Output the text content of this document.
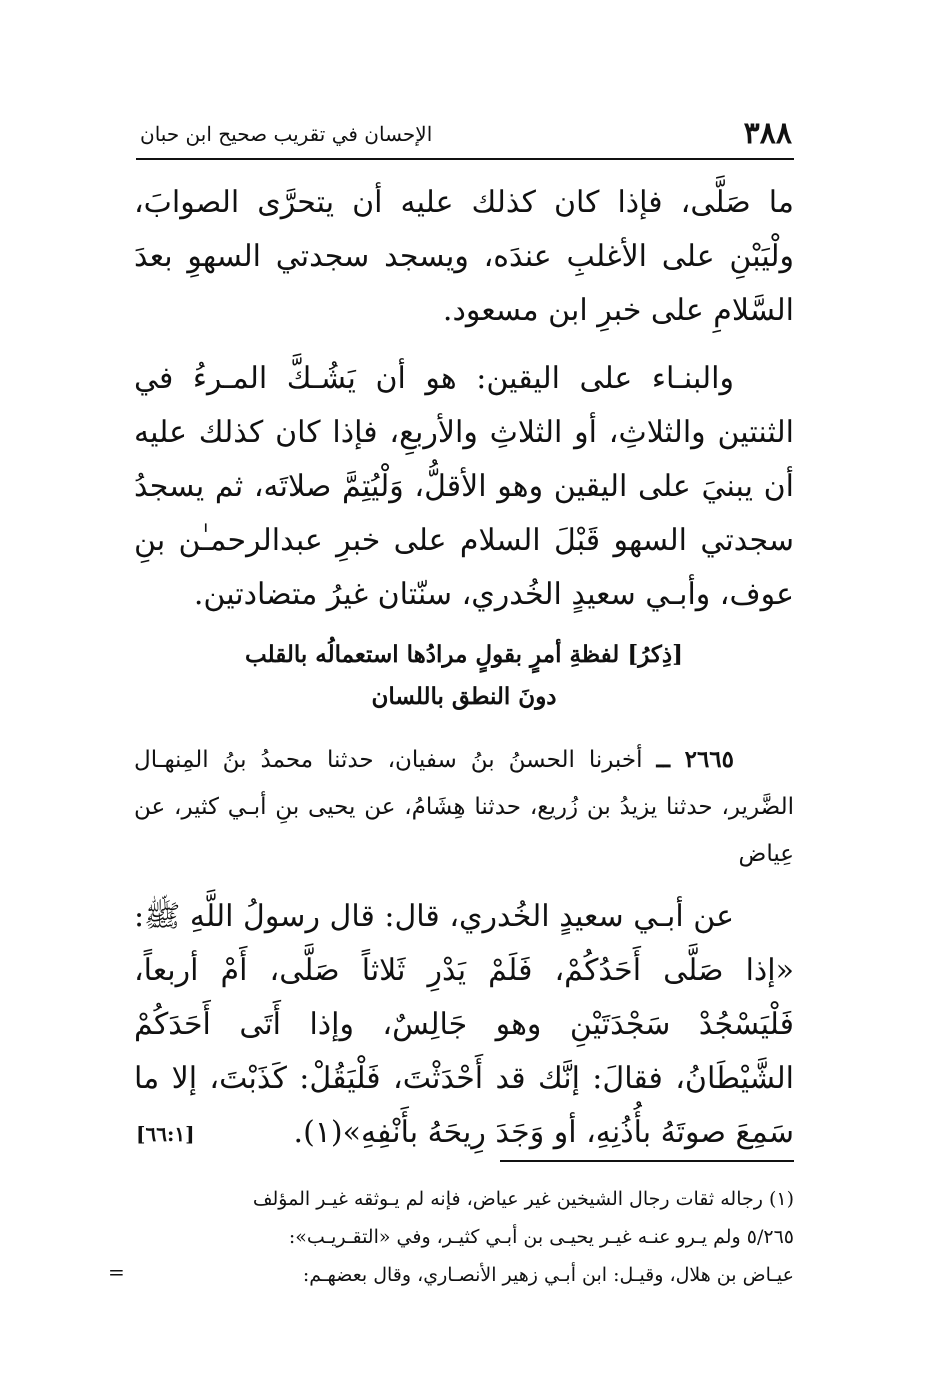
٣٨٨
الإحسان في تقريب صحيح ابن حبان
ما صَلَّى، فإذا كان كذلك عليه أن يتحرَّى الصوابَ، ولْيَبْنِ على الأغلبِ عندَه، ويسجد سجدتي السهوِ بعدَ السَّلامِ على خبرِ ابن مسعود.
والبنـاء على اليقين: هو أن يَشُـكَّ المـرءُ في الثنتين والثلاثِ، أو الثلاثِ والأربعِ، فإذا كان كذلك عليه أن يبنيَ على اليقين وهو الأقلُّ، وَلْيُتِمَّ صلاتَه، ثم يسجدُ سجدتي السهو قَبْلَ السلام على خبرِ عبدالرحمـٰن بنِ عوف، وأبـي سعيدٍ الخُدري، سنّتان غيرُ متضادتين.
[ذِكرُ] لفظةِ أمرٍ بقولٍ مرادُها استعمالُه بالقلب
دونَ النطق باللسان
٢٦٦٥ ــ أخبرنا الحسنُ بنُ سفيان، حدثنا محمدُ بنُ المِنهـال الضَّرير، حدثنا يزيدُ بن زُريع، حدثنا هِشَامُ، عن يحيى بنِ أبـي كثير، عن عِياض
عن أبـي سعيدٍ الخُدري، قال: قال رسولُ اللَّهِ ﷺ: «إذا صَلَّى أَحَدُكُمْ، فَلَمْ يَدْرِ ثَلاثاً صَلَّى، أَمْ أربعاً، فَلْيَسْجُدْ سَجْدَتَيْنِ وهو جَالِسٌ، وإذا أَتَى أَحَدَكُمْ الشَّيْطَانُ، فقالَ: إنَّك قد أَحْدَثْتَ، فَلْيَقُلْ: كَذَبْتَ، إلا ما سَمِعَ صوتَهُ بأُذُنِهِ، أو وَجَدَ رِيحَهُ بأَنْفِهِ»(١).
[٦٦:١]
(١) رجاله ثقات رجال الشيخين غير عياض، فإنه لم يـوثقه غيـر المؤلف
٥/٢٦٥ ولم يـرو عنـه غيـر يحيـى بن أبـي كثيـر، وفي «التقـريـب»:
عيـاض بن هلال، وقيـل: ابن أبـي زهير الأنصـاري، وقال بعضهـم:
=
